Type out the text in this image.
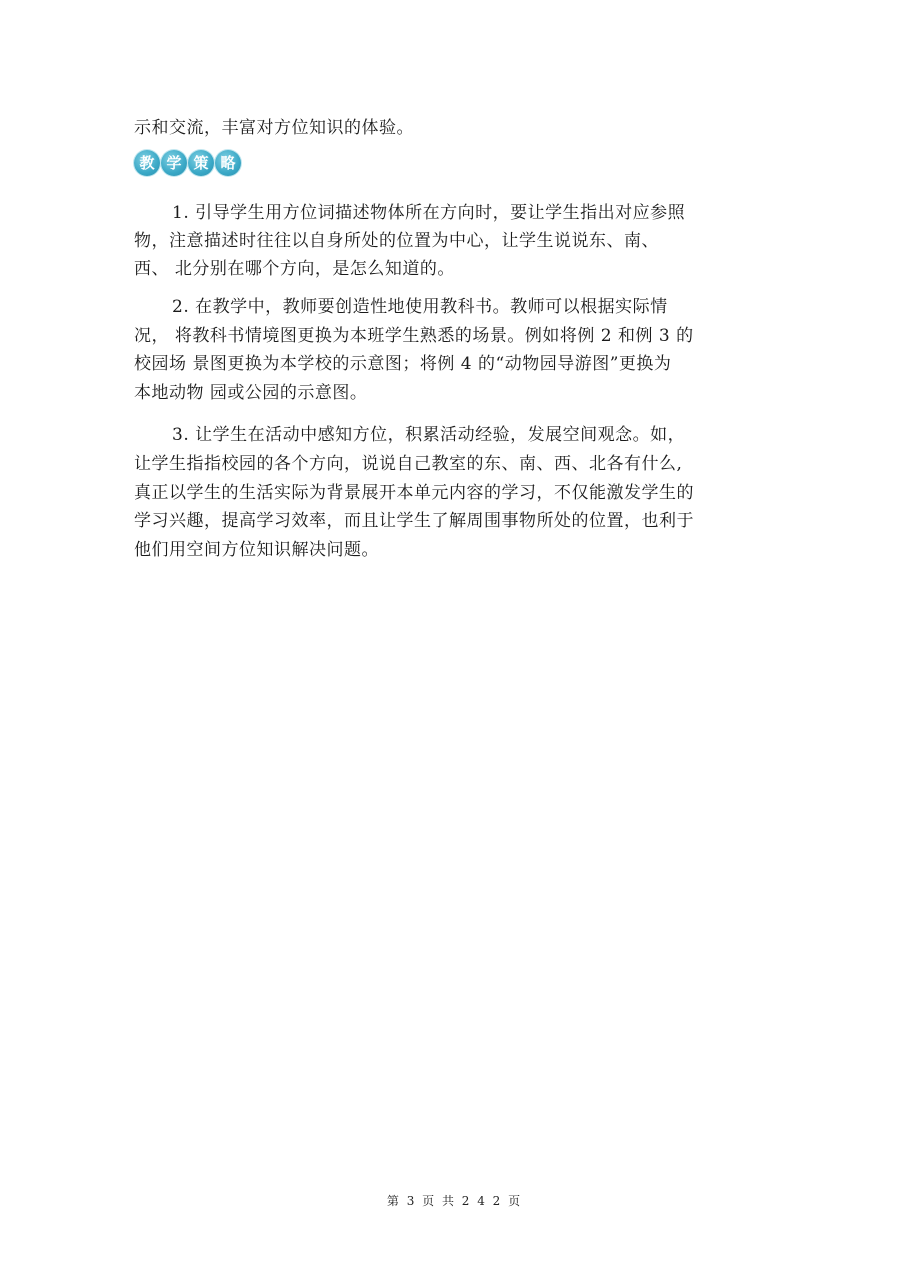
示和交流，丰富对方位知识的体验。
教 学 策 略
1. 引导学生用方位词描述物体所在方向时，要让学生指出对应参照
物，注意描述时往往以自身所处的位置为中心，让学生说说东、南、
西、 北分别在哪个方向，是怎么知道的。
2. 在教学中，教师要创造性地使用教科书。教师可以根据实际情
况， 将教科书情境图更换为本班学生熟悉的场景。例如将例 2 和例 3 的
校园场 景图更换为本学校的示意图；将例 4 的“动物园导游图”更换为
本地动物 园或公园的示意图。
3. 让学生在活动中感知方位，积累活动经验，发展空间观念。如，
让学生指指校园的各个方向，说说自己教室的东、南、西、北各有什么,
真正以学生的生活实际为背景展开本单元内容的学习，不仅能激发学生的
学习兴趣，提高学习效率，而且让学生了解周围事物所处的位置，也利于
他们用空间方位知识解决问题。
第 3 页 共 2 4 2 页
